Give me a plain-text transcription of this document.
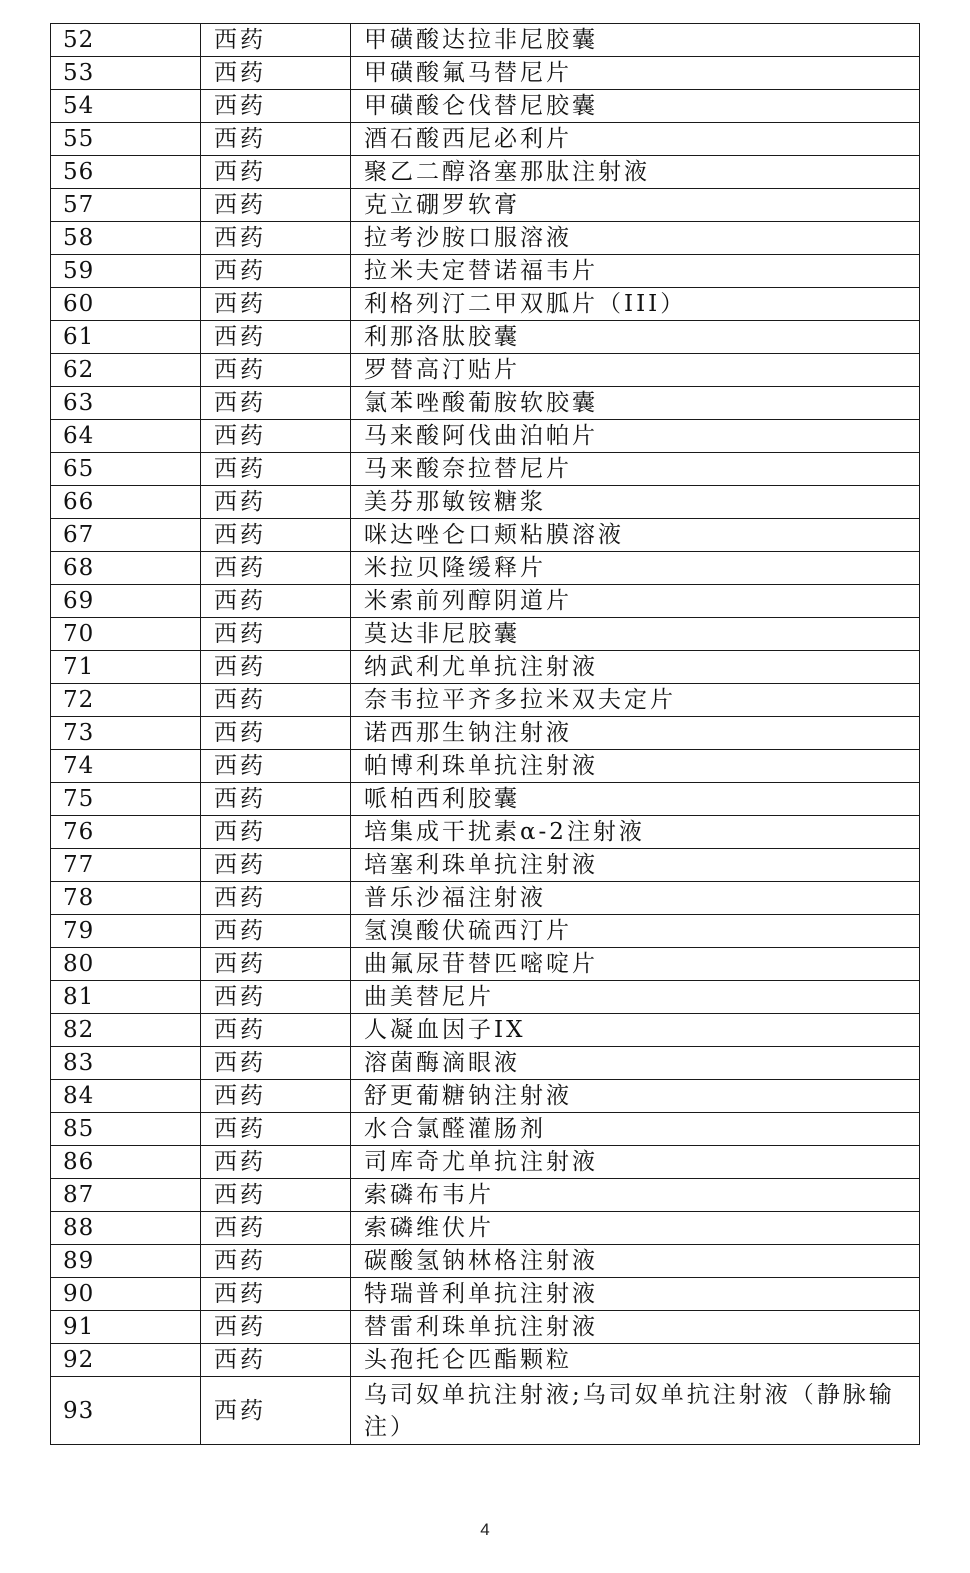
52	西药	甲磺酸达拉非尼胶囊
53	西药	甲磺酸氟马替尼片
54	西药	甲磺酸仑伐替尼胶囊
55	西药	酒石酸西尼必利片
56	西药	聚乙二醇洛塞那肽注射液
57	西药	克立硼罗软膏
58	西药	拉考沙胺口服溶液
59	西药	拉米夫定替诺福韦片
60	西药	利格列汀二甲双胍片（III）
61	西药	利那洛肽胶囊
62	西药	罗替高汀贴片
63	西药	氯苯唑酸葡胺软胶囊
64	西药	马来酸阿伐曲泊帕片
65	西药	马来酸奈拉替尼片
66	西药	美芬那敏铵糖浆
67	西药	咪达唑仑口颊粘膜溶液
68	西药	米拉贝隆缓释片
69	西药	米索前列醇阴道片
70	西药	莫达非尼胶囊
71	西药	纳武利尤单抗注射液
72	西药	奈韦拉平齐多拉米双夫定片
73	西药	诺西那生钠注射液
74	西药	帕博利珠单抗注射液
75	西药	哌柏西利胶囊
76	西药	培集成干扰素α-2注射液
77	西药	培塞利珠单抗注射液
78	西药	普乐沙福注射液
79	西药	氢溴酸伏硫西汀片
80	西药	曲氟尿苷替匹嘧啶片
81	西药	曲美替尼片
82	西药	人凝血因子IX
83	西药	溶菌酶滴眼液
84	西药	舒更葡糖钠注射液
85	西药	水合氯醛灌肠剂
86	西药	司库奇尤单抗注射液
87	西药	索磷布韦片
88	西药	索磷维伏片
89	西药	碳酸氢钠林格注射液
90	西药	特瑞普利单抗注射液
91	西药	替雷利珠单抗注射液
92	西药	头孢托仑匹酯颗粒
93	西药	乌司奴单抗注射液;乌司奴单抗注射液（静脉输注）
4
